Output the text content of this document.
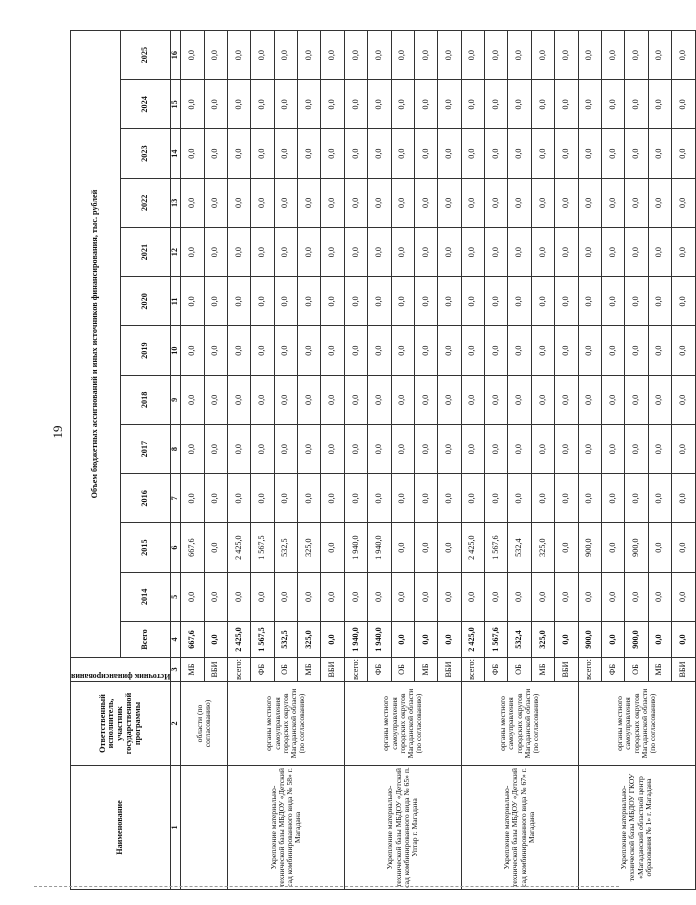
19
Наименование	Ответственный исполнитель, участник государственной программы	Источник финансирования	Объем бюджетных ассигнований и иных источников финансирования, тыс. рублей												
			Всего	2014	2015	2016	2017	2018	2019	2020	2021	2022	2023	2024	2025
1	2	3	4	5	6	7	8	9	10	11	12	13	14	15	16
	области (по согласованию)	МБ	667,6	0,0	667,6	0,0	0,0	0,0	0,0	0,0	0,0	0,0	0,0	0,0	0,0
		ВБИ	0,0	0,0	0,0	0,0	0,0	0,0	0,0	0,0	0,0	0,0	0,0	0,0	0,0
Укрепление материально-технической базы МБДОУ «Детский сад комбинированного вида № 58» г. Магадана	органы местного самоуправления городских округов Магаданской области (по согласованию)	всего:	2 425,0	0,0	2 425,0	0,0	0,0	0,0	0,0	0,0	0,0	0,0	0,0	0,0	0,0
		ФБ	1 567,5	0,0	1 567,5	0,0	0,0	0,0	0,0	0,0	0,0	0,0	0,0	0,0	0,0
		ОБ	532,5	0,0	532,5	0,0	0,0	0,0	0,0	0,0	0,0	0,0	0,0	0,0	0,0
		МБ	325,0	0,0	325,0	0,0	0,0	0,0	0,0	0,0	0,0	0,0	0,0	0,0	0,0
		ВБИ	0,0	0,0	0,0	0,0	0,0	0,0	0,0	0,0	0,0	0,0	0,0	0,0	0,0
Укрепление материально-технической базы МБДОУ «Детский сад комбинированного вида № 65» п. Уптар г. Магадана	органы местного самоуправления городских округов Магаданской области (по согласованию)	всего:	1 940,0	0,0	1 940,0	0,0	0,0	0,0	0,0	0,0	0,0	0,0	0,0	0,0	0,0
		ФБ	1 940,0	0,0	1 940,0	0,0	0,0	0,0	0,0	0,0	0,0	0,0	0,0	0,0	0,0
		ОБ	0,0	0,0	0,0	0,0	0,0	0,0	0,0	0,0	0,0	0,0	0,0	0,0	0,0
		МБ	0,0	0,0	0,0	0,0	0,0	0,0	0,0	0,0	0,0	0,0	0,0	0,0	0,0
		ВБИ	0,0	0,0	0,0	0,0	0,0	0,0	0,0	0,0	0,0	0,0	0,0	0,0	0,0
Укрепление материально-технической базы МБДОУ «Детский сад комбинированного вида № 67» г. Магадана	органы местного самоуправления городских округов Магаданской области (по согласованию)	всего:	2 425,0	0,0	2 425,0	0,0	0,0	0,0	0,0	0,0	0,0	0,0	0,0	0,0	0,0
		ФБ	1 567,6	0,0	1 567,6	0,0	0,0	0,0	0,0	0,0	0,0	0,0	0,0	0,0	0,0
		ОБ	532,4	0,0	532,4	0,0	0,0	0,0	0,0	0,0	0,0	0,0	0,0	0,0	0,0
		МБ	325,0	0,0	325,0	0,0	0,0	0,0	0,0	0,0	0,0	0,0	0,0	0,0	0,0
		ВБИ	0,0	0,0	0,0	0,0	0,0	0,0	0,0	0,0	0,0	0,0	0,0	0,0	0,0
Укрепление материально-технической базы МБДОУ ГКОУ «Магаданский областной центр образования № 1» г. Магадана	органы местного самоуправления городских округов Магаданской области (по согласованию)	всего:	900,0	0,0	900,0	0,0	0,0	0,0	0,0	0,0	0,0	0,0	0,0	0,0	0,0
		ФБ	0,0	0,0	0,0	0,0	0,0	0,0	0,0	0,0	0,0	0,0	0,0	0,0	0,0
		ОБ	900,0	0,0	900,0	0,0	0,0	0,0	0,0	0,0	0,0	0,0	0,0	0,0	0,0
		МБ	0,0	0,0	0,0	0,0	0,0	0,0	0,0	0,0	0,0	0,0	0,0	0,0	0,0
		ВБИ	0,0	0,0	0,0	0,0	0,0	0,0	0,0	0,0	0,0	0,0	0,0	0,0	0,0
